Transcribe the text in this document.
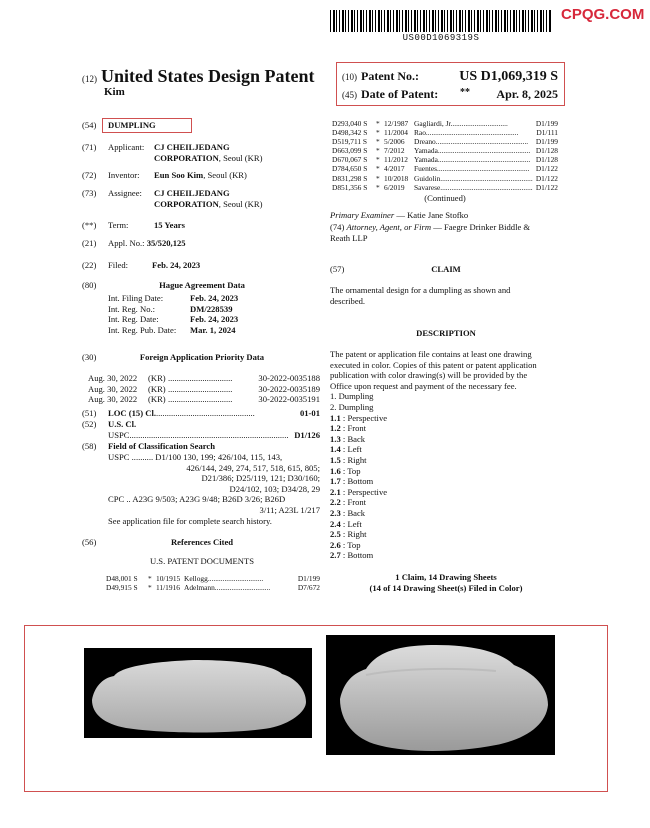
US00D1069319S
CPQG.COM
(12) United States Design Patent
Kim
(10) Patent No.:	US D1,069,319 S
(45) Date of Patent: ** Apr. 8, 2025
(54) DUMPLING
(71) Applicant: CJ CHEILJEDANG
CORPORATION, Seoul (KR)
(72) Inventor: Eun Soo Kim, Seoul (KR)
(73) Assignee: CJ CHEILJEDANG
CORPORATION, Seoul (KR)
(**) Term:	15 Years
(21) Appl. No.: 35/520,125
(22) Filed:	Feb. 24, 2023
(80)	Hague Agreement Data
Int. Filing Date:	Feb. 24, 2023
Int. Reg. No.:	DM/228539
Int. Reg. Date:	Feb. 24, 2023
Int. Reg. Pub. Date: Mar. 1, 2024
(30)	Foreign Application Priority Data
Aug. 30, 2022	(KR) ..............................	30-2022-0035188
Aug. 30, 2022	(KR) ..............................	30-2022-0035189
Aug. 30, 2022	(KR) ..............................	30-2022-0035191
(51)	LOC (15) Cl. ..............................................	01-01
(52) U.S. Cl.
USPC .......................................................................... D1/126
(58) Field of Classification Search
USPC .......... D1/100 130, 199; 426/104, 115, 143,
426/144, 249, 274, 517, 518, 615, 805;
D21/386; D25/119, 121; D30/160;
D24/102, 103; D34/28, 29
CPC .. A23G 9/503; A23G 9/48; B26D 3/26; B26D
3/11; A23L 1/217
See application file for complete search history.
(56)	References Cited
U.S. PATENT DOCUMENTS
D48,001 S	* 10/1915 Kellogg ..............................	D1/199
D49,915 S	* 11/1916 Adelmann ..............................	D7/672
D293,040 S	* 12/1987 Gagliardi, Jr. ..............................	D1/199
D498,342 S	* 11/2004 Rao ..................................................	D1/111
D519,711 S	* 5/2006	Dreano ..................................................	D1/199
D663,099 S	* 7/2012	Yamada .................................................. D1/128
D670,067 S	* 11/2012 Yamada .................................................. D1/128
D784,650 S	* 4/2017	Fuentes .................................................. D1/122
D831,298 S	* 10/2018 Guidolin .................................................. D1/122
D851,356 S	* 6/2019	Savarese .................................................. D1/122
(Continued)
Primary Examiner — Katie Jane Stofko
(74) Attorney, Agent, or Firm — Faegre Drinker Biddle &
Reath LLP
(57)	CLAIM
The ornamental design for a dumpling as shown and
described.
DESCRIPTION
The patent or application file contains at least one drawing
executed in color. Copies of this patent or patent application
publication with color drawing(s) will be provided by the
Office upon request and payment of the necessary fee.
1. Dumpling
2. Dumpling
1.1 : Perspective
1.2 : Front
1.3 : Back
1.4 : Left
1.5 : Right
1.6 : Top
1.7 : Bottom
2.1 : Perspective
2.2 : Front
2.3 : Back
2.4 : Left
2.5 : Right
2.6 : Top
2.7 : Bottom
1 Claim, 14 Drawing Sheets
(14 of 14 Drawing Sheet(s) Filed in Color)
